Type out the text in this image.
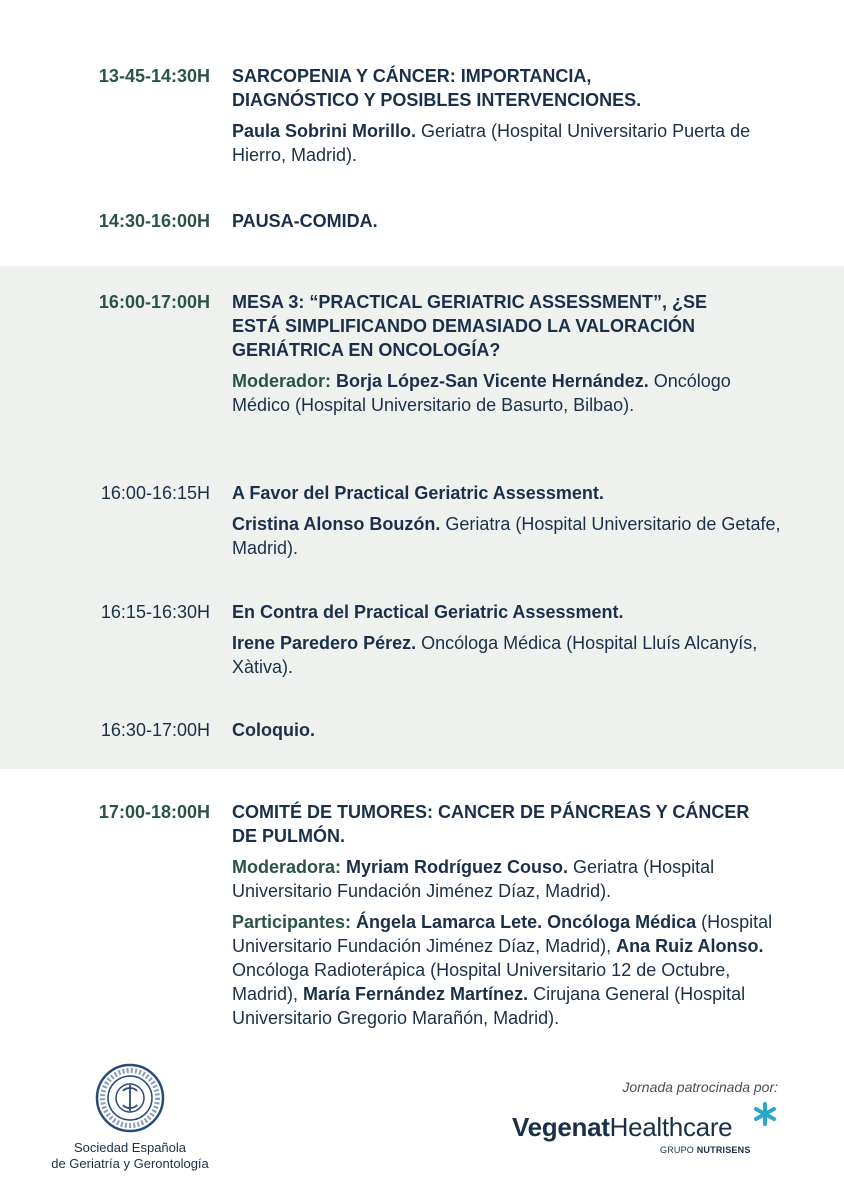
13-45-14:30H SARCOPENIA Y CÁNCER: IMPORTANCIA, DIAGNÓSTICO Y POSIBLES INTERVENCIONES.

Paula Sobrini Morillo. Geriatra (Hospital Universitario Puerta de Hierro, Madrid).

14:30-16:00H PAUSA-COMIDA.

16:00-17:00H MESA 3: “PRACTICAL GERIATRIC ASSESSMENT”, ¿SE ESTÁ SIMPLIFICANDO DEMASIADO LA VALORACIÓN GERIÁTRICA EN ONCOLOGÍA?

Moderador: Borja López-San Vicente Hernández. Oncólogo Médico (Hospital Universitario de Basurto, Bilbao).

16:00-16:15H A Favor del Practical Geriatric Assessment.

Cristina Alonso Bouzón. Geriatra (Hospital Universitario de Getafe, Madrid).

16:15-16:30H En Contra del Practical Geriatric Assessment.

Irene Paredero Pérez. Oncóloga Médica (Hospital Lluís Alcanyís, Xàtiva).

16:30-17:00H Coloquio.

17:00-18:00H COMITÉ DE TUMORES: CANCER DE PÁNCREAS Y CÁNCER DE PULMÓN.

Moderadora: Myriam Rodríguez Couso. Geriatra (Hospital Universitario Fundación Jiménez Díaz, Madrid).

Participantes: Ángela Lamarca Lete. Oncóloga Médica (Hospital Universitario Fundación Jiménez Díaz, Madrid), Ana Ruiz Alonso. Oncóloga Radioterápica (Hospital Universitario 12 de Octubre, Madrid), María Fernández Martínez. Cirujana General (Hospital Universitario Gregorio Marañón, Madrid).

Sociedad Española
de Geriatría y Gerontología
Jornada patrocinada por:
VegenatHealthcare
GRUPO NUTRISENS
